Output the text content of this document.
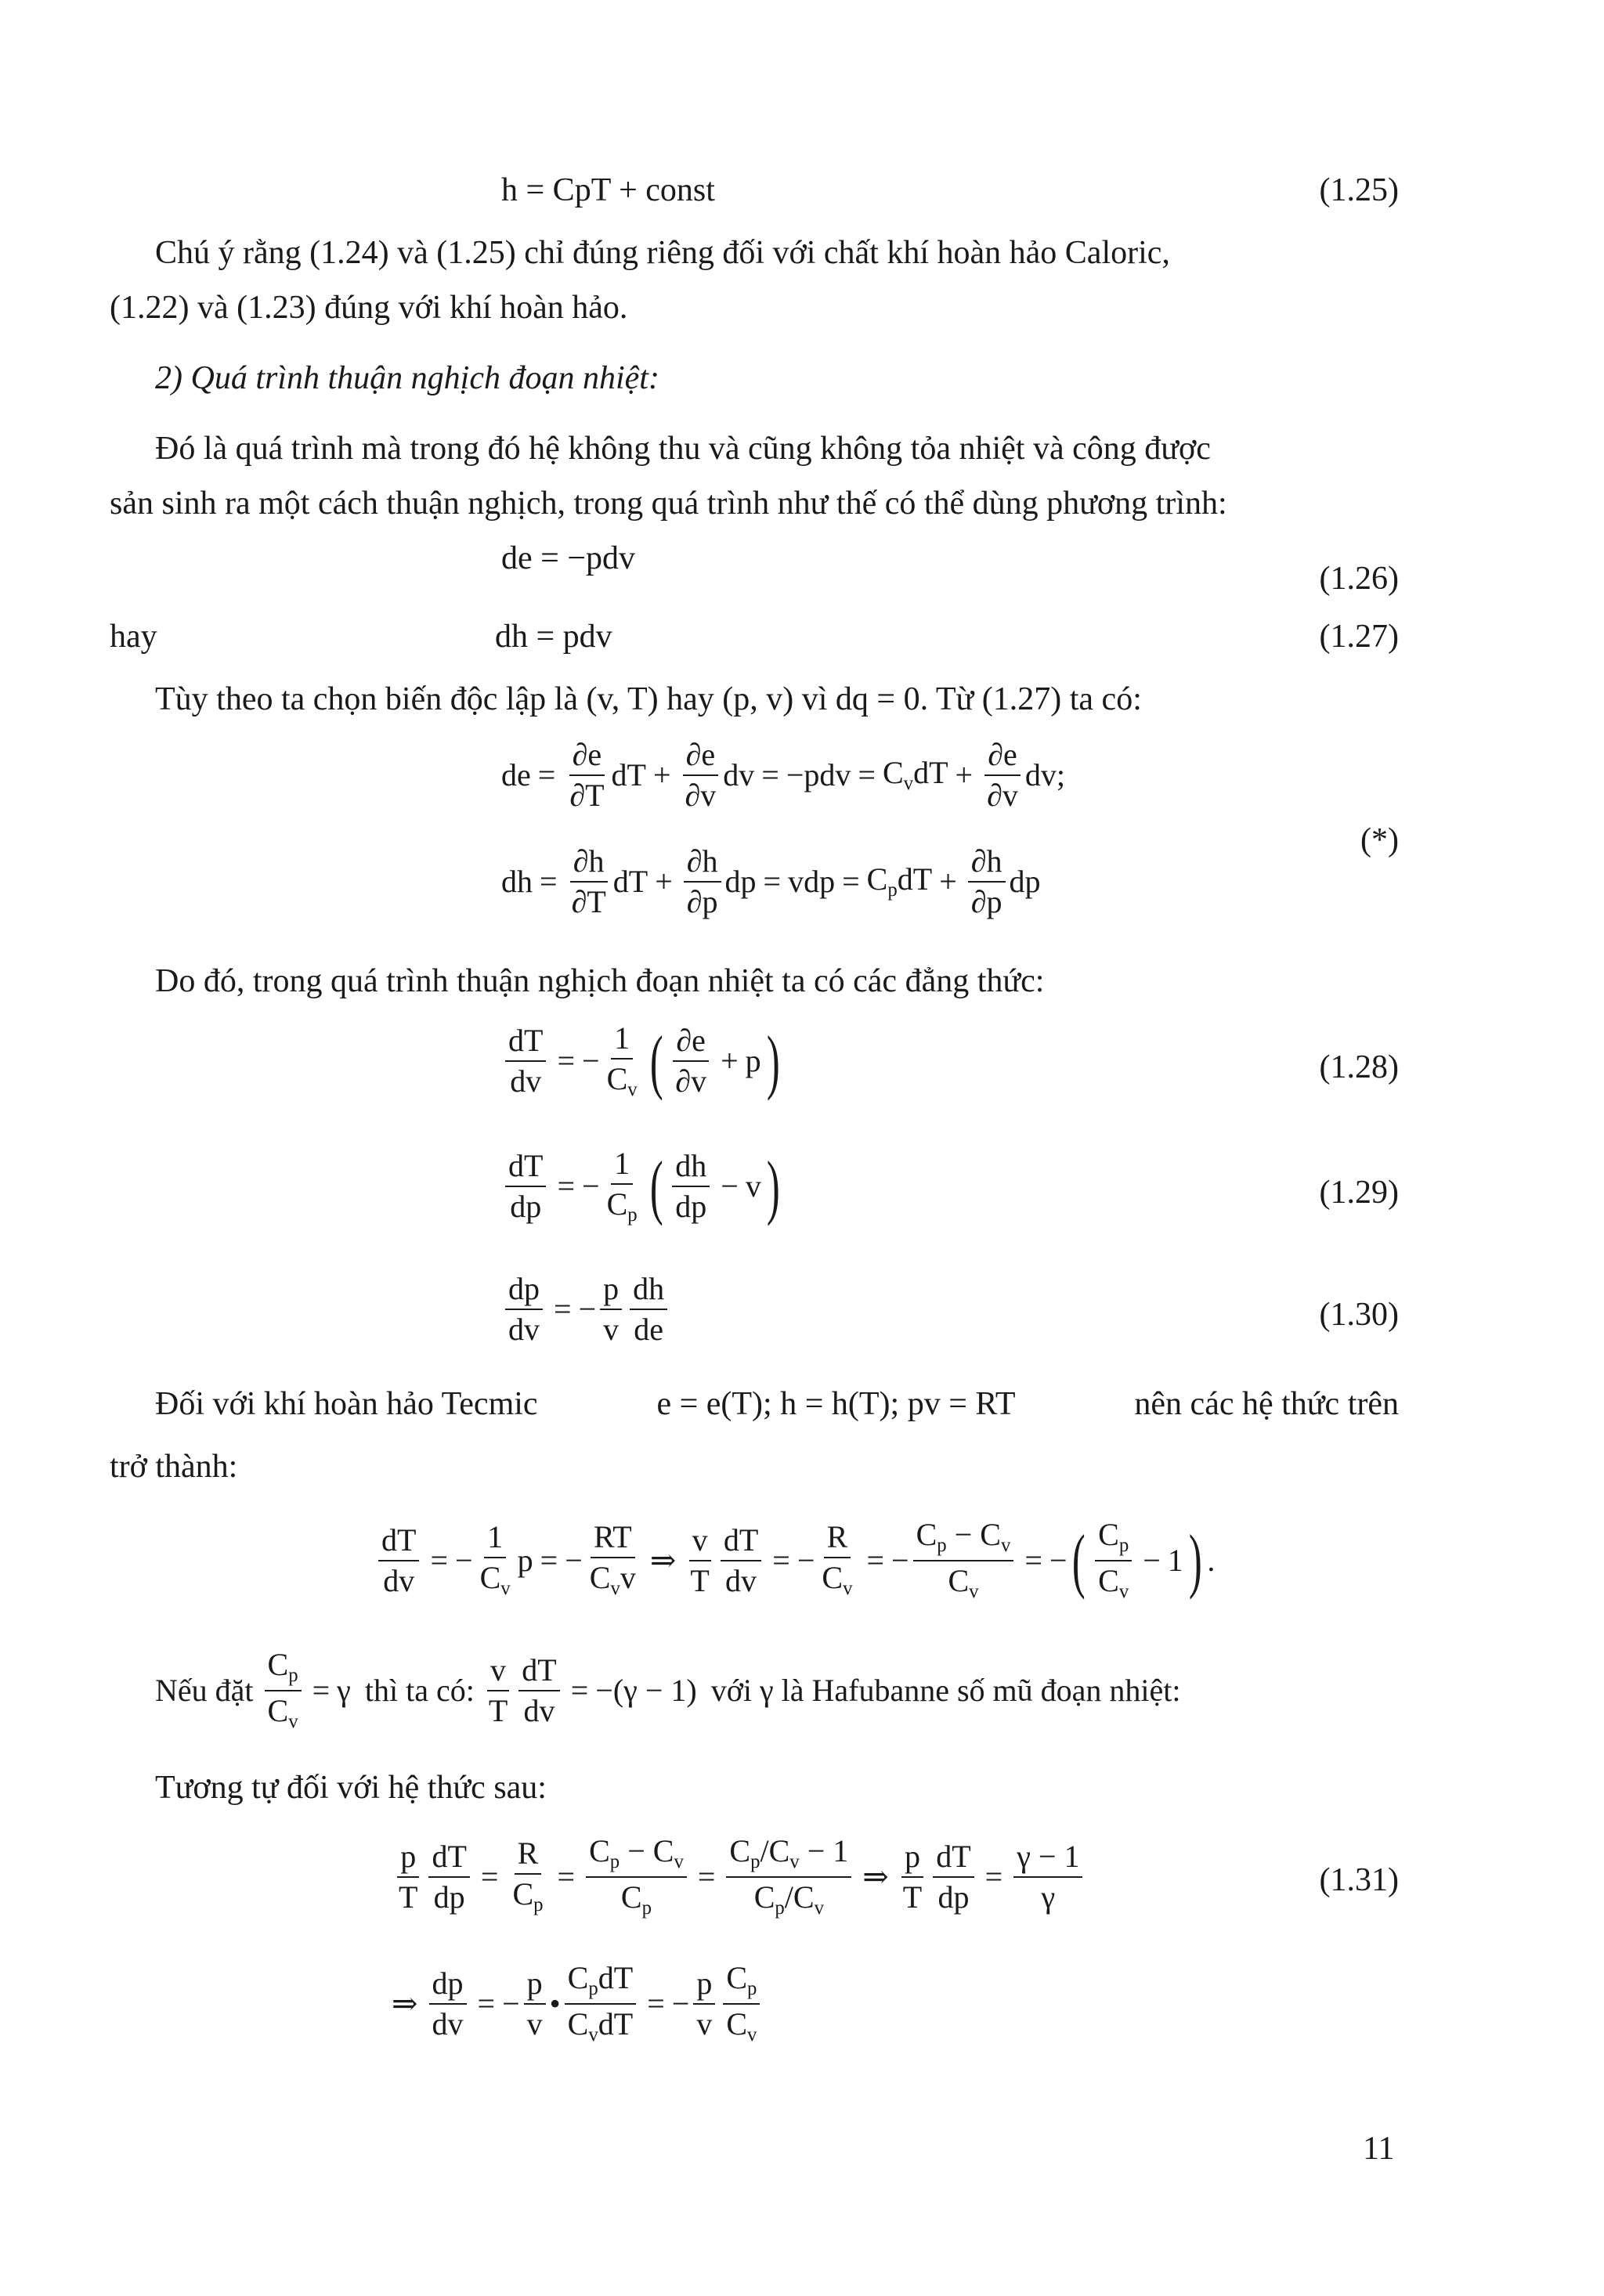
h = CpT + const	(1.25)
Chú ý rằng (1.24) và (1.25) chỉ đúng riêng đối với chất khí hoàn hảo Caloric,
(1.22) và (1.23) đúng với khí hoàn hảo.
2) Quá trình thuận nghịch đoạn nhiệt:
Đó là quá trình mà trong đó hệ không thu và cũng không tỏa nhiệt và công được
sản sinh ra một cách thuận nghịch, trong quá trình như thế có thể dùng phương trình:
de = −pdv
(1.26)
hay	dh = pdv	(1.27)
Tùy theo ta chọn biến độc lập là (v, T) hay (p, v) vì dq = 0. Từ (1.27) ta có:
de = $\frac{\partial e}{\partial T}$ dT + $\frac{\partial e}{\partial v}$ dv = $-pdv = C_vdT + \frac{\partial e}{\partial v}$ dv;
(*)
dh = $\frac{\partial h}{\partial T}$ dT + $\frac{\partial h}{\partial p}$ dp = vdp = $C_pdT + \frac{\partial h}{\partial p}$ dp
Do đó, trong quá trình thuận nghịch đoạn nhiệt ta có các đẳng thức:
$\frac{dT}{dv}$ = − $\frac{1}{C_v}$ ( $\frac{\partial e}{\partial v} + p$ )	(1.28)
$\frac{dT}{dp}$ = − $\frac{1}{C_p}$ ( $\frac{dh}{dp} - v$ )	(1.29)
$\frac{dp}{dv}$ = − $\frac{p}{v} \frac{dh}{de}$	(1.30)
Đối với khí hoàn hảo Tecmic	e = e(T); h = h(T); pv = RT	nên các hệ thức trên
trở thành:
$\frac{dT}{dv}$ = − $\frac{1}{C_v}$ p = − $\frac{RT}{C_vv}$ ⇒ $\frac{v}{T} \frac{dT}{dv}$ = − $\frac{R}{C_v}$ = − $\frac{C_p - C_v}{C_v}$ = − ( $\frac{C_p}{C_v} - 1$ ) .
Nếu đặt $\frac{C_p}{C_v} = \gamma$ thì ta có: $\frac{v}{T} \frac{dT}{dv} = -(\gamma - 1)$ với γ là Hafubanne số mũ đoạn nhiệt:
Tương tự đối với hệ thức sau:
$\frac{p}{T} \frac{dT}{dp} = \frac{R}{C_p} = \frac{C_p - C_v}{C_p} = \frac{C_p/C_v - 1}{C_p/C_v}$ ⇒ $\frac{p}{T} \frac{dT}{dp} = \frac{\gamma - 1}{\gamma}$	(1.31)
⇒ $\frac{dp}{dv}$ = − $\frac{p}{v}$ • $\frac{C_pdT}{C_vdT}$ = − $\frac{p}{v} \frac{C_p}{C_v}$
11
